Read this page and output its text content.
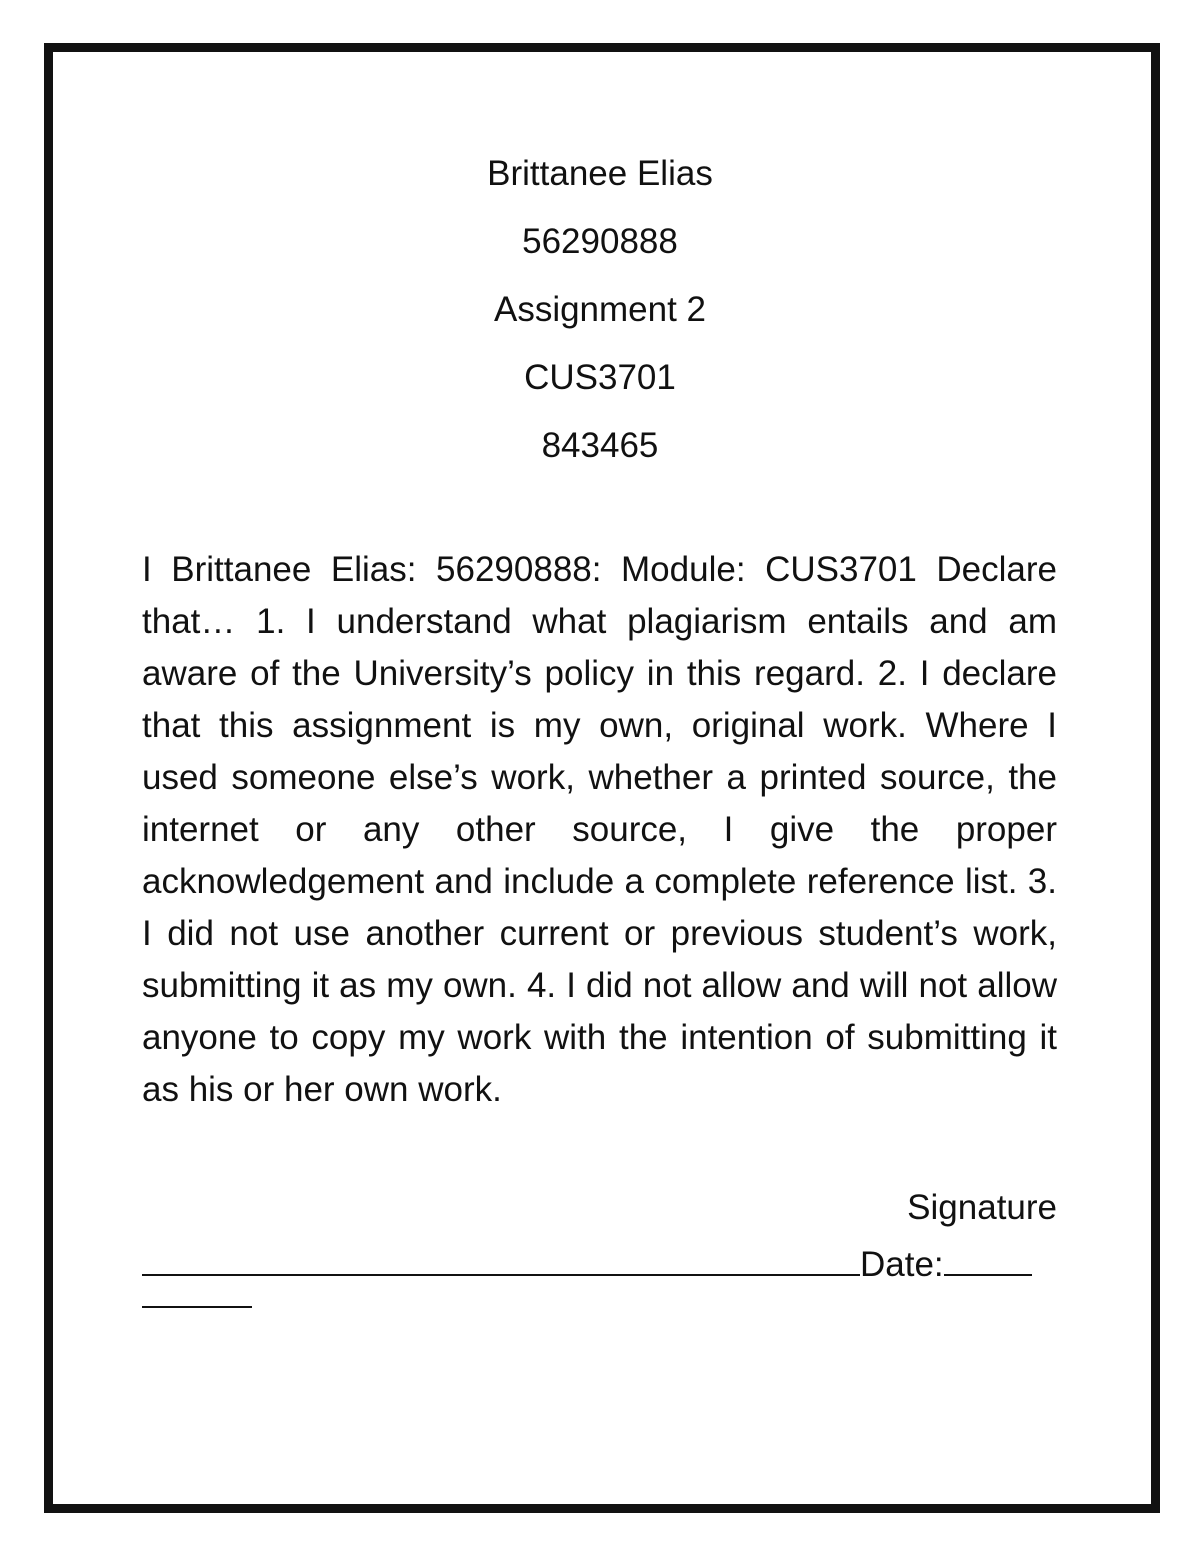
Brittanee Elias
56290888
Assignment 2
CUS3701
843465

I Brittanee Elias: 56290888: Module: CUS3701 Declare that… 1. I understand what plagiarism entails and am aware of the University’s policy in this regard. 2. I declare that this assignment is my own, original work. Where I used someone else’s work, whether a printed source, the internet or any other source, I give the proper acknowledgement and include a complete reference list. 3. I did not use another current or previous student’s work, submitting it as my own. 4. I did not allow and will not allow anyone to copy my work with the intention of submitting it as his or her own work.

Signature
Date:
